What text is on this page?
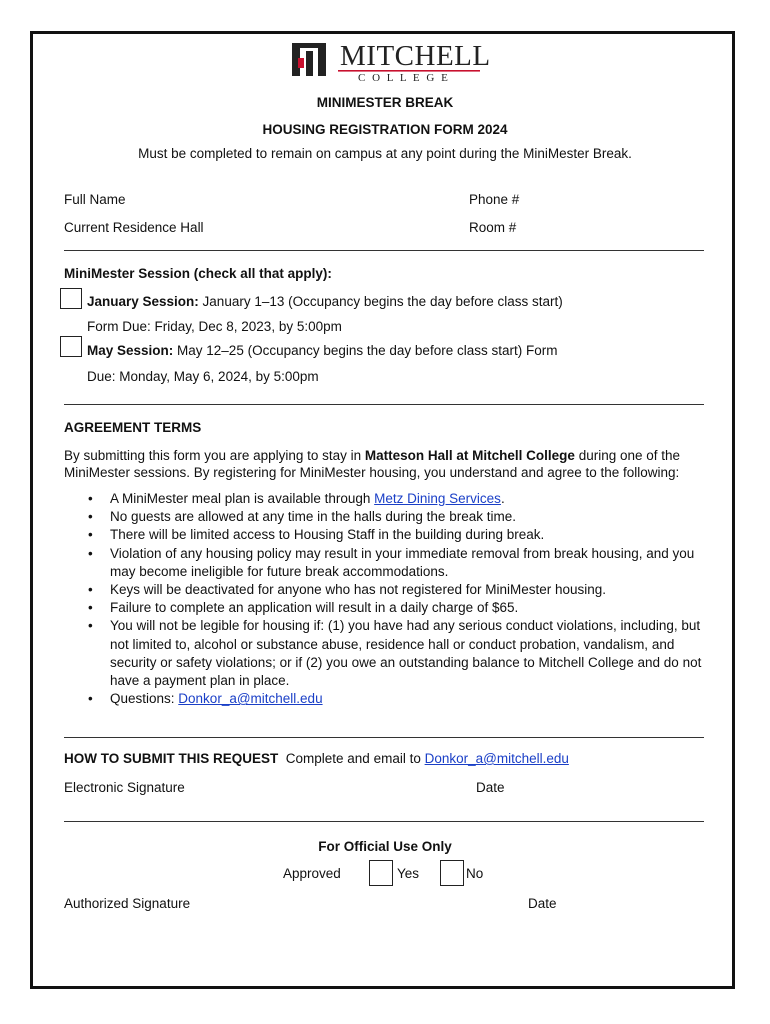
MITCHELL
C O L L E G E
MINIMESTER BREAK
HOUSING REGISTRATION FORM 2024
Must be completed to remain on campus at any point during the MiniMester Break.
Full Name	Phone #
Current Residence Hall	Room #
MiniMester Session (check all that apply):
January Session: January 1–13 (Occupancy begins the day before class start)
Form Due: Friday, Dec 8, 2023, by 5:00pm
May Session: May 12–25 (Occupancy begins the day before class start) Form
Due: Monday, May 6, 2024, by 5:00pm
AGREEMENT TERMS
By submitting this form you are applying to stay in Matteson Hall at Mitchell College during one of the
MiniMester sessions. By registering for MiniMester housing, you understand and agree to the following:
• A MiniMester meal plan is available through Metz Dining Services.
• No guests are allowed at any time in the halls during the break time.
• There will be limited access to Housing Staff in the building during break.
• Violation of any housing policy may result in your immediate removal from break housing, and you may become ineligible for future break accommodations.
• Keys will be deactivated for anyone who has not registered for MiniMester housing.
• Failure to complete an application will result in a daily charge of $65.
• You will not be legible for housing if: (1) you have had any serious conduct violations, including, but not limited to, alcohol or substance abuse, residence hall or conduct probation, vandalism, and security or safety violations; or if (2) you owe an outstanding balance to Mitchell College and do not have a payment plan in place.
• Questions: Donkor_a@mitchell.edu
HOW TO SUBMIT THIS REQUEST  Complete and email to Donkor_a@mitchell.edu
Electronic Signature	Date
For Official Use Only
Approved	Yes	No
Authorized Signature	Date
